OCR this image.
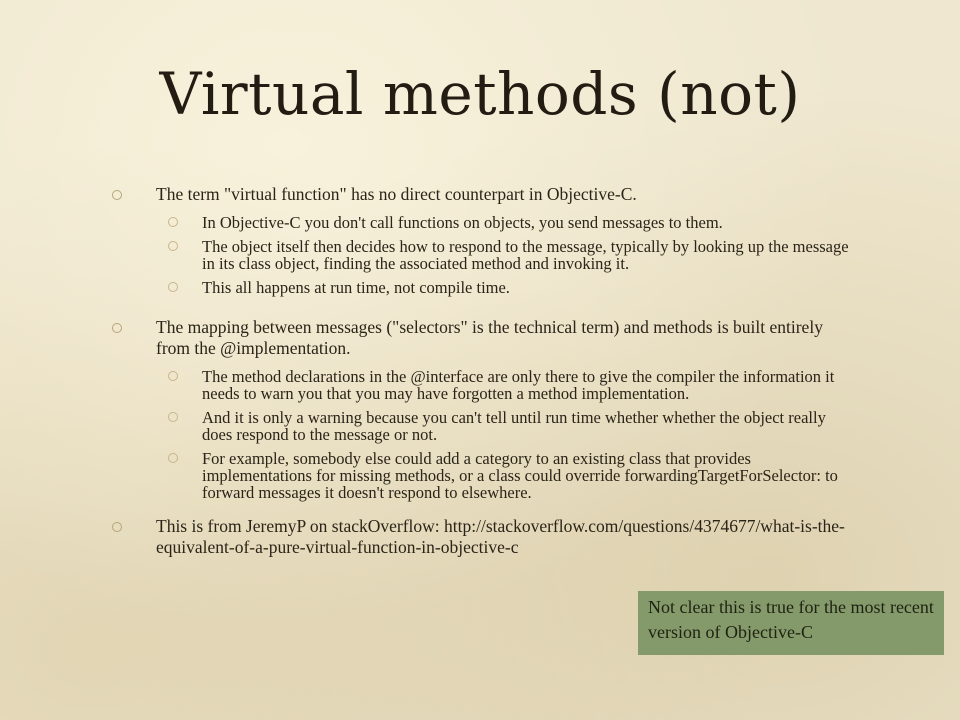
Virtual methods (not)
The term "virtual function" has no direct counterpart in Objective-C.
In Objective-C you don't call functions on objects, you send messages to them.
The object itself then decides how to respond to the message, typically by looking up the message in its class object, finding the associated method and invoking it.
This all happens at run time, not compile time.
The mapping between messages ("selectors" is the technical term) and methods is built entirely from the @implementation.
The method declarations in the @interface are only there to give the compiler the information it needs to warn you that you may have forgotten a method implementation.
And it is only a warning because you can't tell until run time whether whether the object really does respond to the message or not.
For example, somebody else could add a category to an existing class that provides implementations for missing methods, or a class could override forwardingTargetForSelector: to forward messages it doesn't respond to elsewhere.
This is from JeremyP on stackOverflow: http://stackoverflow.com/questions/4374677/what-is-the-equivalent-of-a-pure-virtual-function-in-objective-c
Not clear this is true for the most recent version of Objective-C
